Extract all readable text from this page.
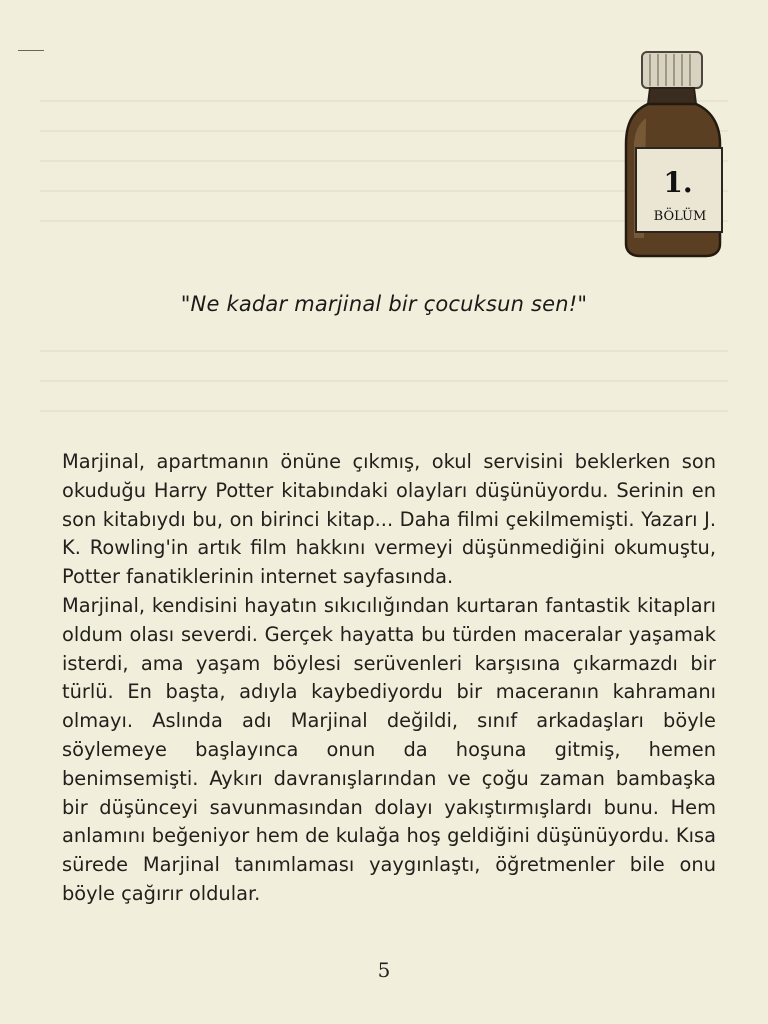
1.
BÖLÜM
"Ne kadar marjinal bir çocuksun sen!"

Marjinal, apartmanın önüne çıkmış, okul servisini beklerken son okuduğu Harry Potter kitabındaki olayları düşünüyordu. Serinin en son kitabıydı bu, on birinci kitap... Daha filmi çekilmemişti. Yazarı J. K. Rowling'in artık film hakkını vermeyi düşünmediğini okumuştu, Potter fanatiklerinin internet sayfasında.

Marjinal, kendisini hayatın sıkıcılığından kurtaran fantastik kitapları oldum olası severdi. Gerçek hayatta bu türden maceralar yaşamak isterdi, ama yaşam böylesi serüvenleri karşısına çıkarmazdı bir türlü. En başta, adıyla kaybediyordu bir maceranın kahramanı olmayı. Aslında adı Marjinal değildi, sınıf arkadaşları böyle söylemeye başlayınca onun da hoşuna gitmiş, hemen benimsemişti. Aykırı davranışlarından ve çoğu zaman bambaşka bir düşünceyi savunmasından dolayı yakıştırmışlardı bunu. Hem anlamını beğeniyor hem de kulağa hoş geldiğini düşünüyordu. Kısa sürede Marjinal tanımlaması yaygınlaştı, öğretmenler bile onu böyle çağırır oldular.

5
